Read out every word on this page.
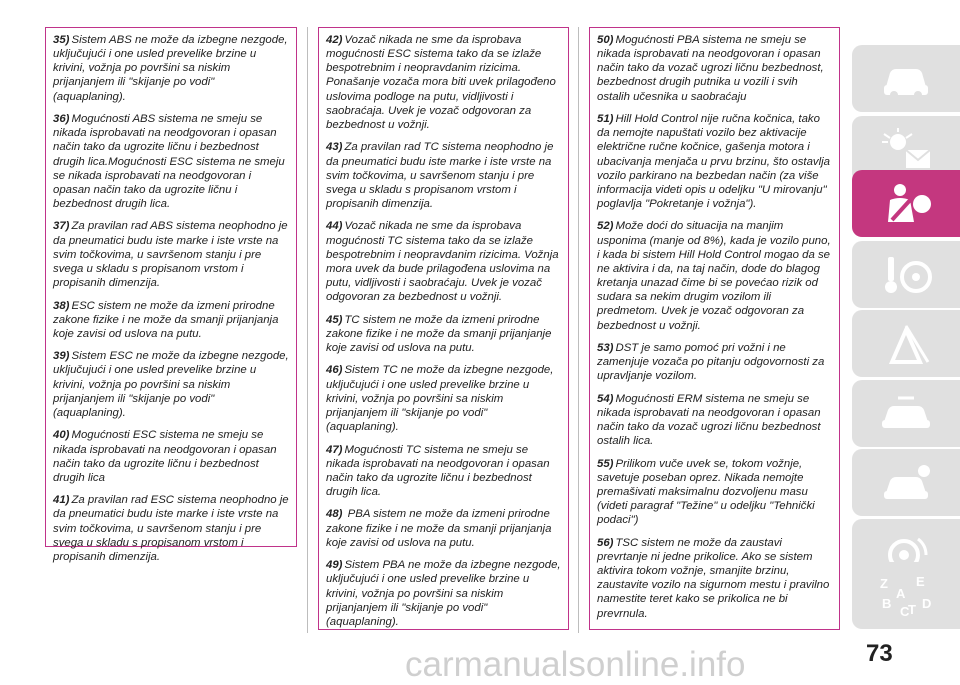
35) Sistem ABS ne može da izbegne nezgode, uključujući i one usled prevelike brzine u krivini, vožnja po površini sa niskim prijanjanjem ili "skijanje po vodi" (aquaplaning).

36) Mogućnosti ABS sistema ne smeju se nikada isprobavati na neodgovoran i opasan način tako da ugrozite ličnu i bezbednost drugih lica.Mogućnosti ESC sistema ne smeju se nikada isprobavati na neodgovoran i opasan način tako da ugrozite ličnu i bezbednost drugih lica.

37) Za pravilan rad ABS sistema neophodno je da pneumatici budu iste marke i iste vrste na svim točkovima, u savršenom stanju i pre svega u skladu s propisanom vrstom i propisanih dimenzija.

38) ESC sistem ne može da izmeni prirodne zakone fizike i ne može da smanji prijanjanja koje zavisi od uslova na putu.

39) Sistem ESC ne može da izbegne nezgode, uključujući i one usled prevelike brzine u krivini, vožnja po površini sa niskim prijanjanjem ili "skijanje po vodi" (aquaplaning).

40) Mogućnosti ESC sistema ne smeju se nikada isprobavati na neodgovoran i opasan način tako da ugrozite ličnu i bezbednost drugih lica

41) Za pravilan rad ESC sistema neophodno je da pneumatici budu iste marke i iste vrste na svim točkovima, u savršenom stanju i pre svega u skladu s propisanom vrstom i propisanih dimenzija.

42) Vozač nikada ne sme da isprobava mogućnosti ESC sistema tako da se izlaže bespotrebnim i neopravdanim rizicima. Ponašanje vozača mora biti uvek prilagođeno uslovima podloge na putu, vidljivosti i saobraćaja. Uvek je vozač odgovoran za bezbednost u vožnji.

43) Za pravilan rad TC sistema neophodno je da pneumatici budu iste marke i iste vrste na svim točkovima, u savršenom stanju i pre svega u skladu s propisanom vrstom i propisanih dimenzija.

44) Vozač nikada ne sme da isprobava mogućnosti TC sistema tako da se izlaže bespotrebnim i neopravdanim rizicima. Vožnja mora uvek da bude prilagođena uslovima na putu, vidljivosti i saobraćaju. Uvek je vozač odgovoran za bezbednost u vožnji.

45) TC sistem ne može da izmeni prirodne zakone fizike i ne može da smanji prijanjanje koje zavisi od uslova na putu.

46) Sistem TC ne može da izbegne nezgode, uključujući i one usled prevelike brzine u krivini, vožnja po površini sa niskim prijanjanjem ili "skijanje po vodi" (aquaplaning).

47) Mogućnosti TC sistema ne smeju se nikada isprobavati na neodgovoran i opasan način tako da ugrozite ličnu i bezbednost drugih lica.

48) PBA sistem ne može da izmeni prirodne zakone fizike i ne može da smanji prijanjanja koje zavisi od uslova na putu.

49) Sistem PBA ne može da izbegne nezgode, uključujući i one usled prevelike brzine u krivini, vožnja po površini sa niskim prijanjanjem ili "skijanje po vodi" (aquaplaning).

50) Mogućnosti PBA sistema ne smeju se nikada isprobavati na neodgovoran i opasan način tako da vozač ugrozi ličnu bezbednost, bezbednost drugih putnika u vozili i svih ostalih učesnika u saobraćaju

51) Hill Hold Control nije ručna kočnica, tako da nemojte napuštati vozilo bez aktivacije električne ručne kočnice, gašenja motora i ubacivanja menjača u prvu brzinu, što ostavlja vozilo parkirano na bezbedan način (za više informacija videti opis u odeljku "U mirovanju" poglavlja "Pokretanje i vožnja").

52) Može doći do situacija na manjim usponima (manje od 8%), kada je vozilo puno, i kada bi sistem Hill Hold Control mogao da se ne aktivira i da, na taj način, dode do blagog kretanja unazad čime bi se povećao rizik od sudara sa nekim drugim vozilom ili predmetom. Uvek je vozač odgovoran za bezbednost u vožnji.

53) DST je samo pomoć pri vožni i ne zamenjuje vozača po pitanju odgovornosti za upravljanje vozilom.

54) Mogućnosti ERM sistema ne smeju se nikada isprobavati na neodgovoran i opasan način tako da vozač ugrozi ličnu bezbednost ostalih lica.

55) Prilikom vuče uvek se, tokom vožnje, savetuje poseban oprez. Nikada nemojte premašivati maksimalnu dozvoljenu masu (videti paragraf "Težine" u odeljku "Tehnički podaci")

56) TSC sistem ne može da zaustavi prevrtanje ni jedne prikolice. Ako se sistem aktivira tokom vožnje, smanjite brzinu, zaustavite vozilo na sigurnom mestu i pravilno namestite teret kako se prikolica ne bi prevrnula.

Z E
A
B
C
D
T
carmanualsonline.info	73
